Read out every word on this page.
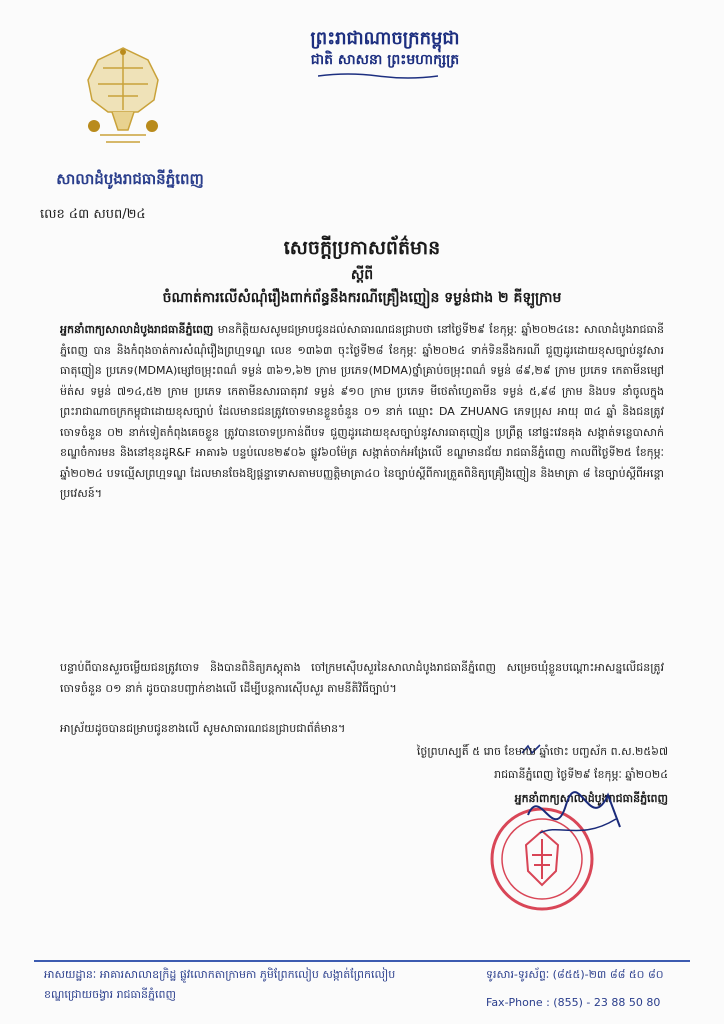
សាលាដំបូងរាជធានីភ្នំពេញ
លេខ ៤៣ សបព/២៤
ព្រះរាជាណាចក្រកម្ពុជា
ជាតិ សាសនា ព្រះមហាក្សត្រ
សេចក្តីប្រកាសព័ត៌មាន
ស្តីពី
ចំណាត់ការលើសំណុំរឿងពាក់ព័ន្ធនឹងករណីគ្រឿងញៀន ទម្ងន់ជាង ២ គីឡូក្រាម
អ្នកនាំពាក្យសាលាដំបូងរាជធានីភ្នំពេញ មានកិត្តិយសសូមជម្រាបជូនដល់សាធារណជនជ្រាបថា នៅថ្ងៃទី២៩ ខែកុម្ភៈ ឆ្នាំ២០២៤នេះ សាលាដំបូងរាជធានីភ្នំពេញ បាន និងកំពុងចាត់ការសំណុំរឿងព្រហ្មទណ្ឌ លេខ ១៣៦៣ ចុះថ្ងៃទី២៨ ខែកុម្ភៈ ឆ្នាំ២០២៤ ទាក់ទិននឹងករណី ជួញដូរដោយខុសច្បាប់នូវសារធាតុញៀន ប្រភេទ(MDMA)ម្សៅចម្រុះពណ៌ ទម្ងន់ ៣៦១,៦២ ក្រាម ប្រភេទ(MDMA)ថ្នាំគ្រាប់ចម្រុះពណ៌ ទម្ងន់ ៨៩,២៩ ក្រាម ប្រភេទ កេតាមីនម្សៅម៉ត់ស ទម្ងន់ ៧១៤,៥២ ក្រាម ប្រភេទ កេតាមីនសារធាតុរាវ ទម្ងន់ ៩១០ ក្រាម ប្រភេទ មីថេតាំហ្វេតាមីន ទម្ងន់ ៥,៩៨ ក្រាម និងបទ នាំចូលក្នុងព្រះរាជាណាចក្រកម្ពុជាដោយខុសច្បាប់ ដែលមានជនត្រូវចោទមានខ្លួនចំនួន ០១ នាក់ ឈ្មោះ DA ZHUANG ភេទប្រុស អាយុ ៣៤ ឆ្នាំ និងជនត្រូវចោទចំនួន ០២ នាក់ទៀតកំពុងគេចខ្លួន ត្រូវបានចោទប្រកាន់ពីបទ ជួញដូរដោយខុសច្បាប់នូវសារធាតុញៀន ប្រព្រឹត្ត នៅផ្ទះវេនគុង សង្កាត់ទន្លេបាសាក់ ខណ្ឌចំការមន និងនៅខុនដូR&F អាគារ៦ បន្ទប់លេខ២៩០៦ ផ្លូវ៦០ម៉ែត្រ សង្កាត់ចាក់អង្រែលើ ខណ្ឌមានជ័យ រាជធានីភ្នំពេញ កាលពីថ្ងៃទី២៥ ខែកុម្ភៈ ឆ្នាំ២០២៤ បទល្មើសព្រហ្មទណ្ឌ ដែលមានចែងឱ្យផ្តន្ទាទោសតាមបញ្ញត្តិមាត្រា៤០ នៃច្បាប់ស្តីពីការត្រួតពិនិត្យគ្រឿងញៀន និងមាត្រា ៨ នៃច្បាប់ស្តីពីអន្តោប្រវេសន៍។
បន្ទាប់ពីបានសួរចម្លើយជនត្រូវចោទ និងបានពិនិត្យភស្តុតាង ចៅក្រមស៊ើបសួរនៃសាលាដំបូងរាជធានីភ្នំពេញ សម្រេចឃុំខ្លួនបណ្តោះអាសន្នលើជនត្រូវចោទចំនួន ០១ នាក់ ដូចបានបញ្ជាក់ខាងលើ ដើម្បីបន្តការស៊ើបសួរ តាមនីតិវិធីច្បាប់។
អាស្រ័យដូចបានជម្រាបជូនខាងលើ សូមសាធារណជនជ្រាបជាព័ត៌មាន។
ថ្ងៃព្រហស្បតិ៍ ៥ រោច ខែមាឃ ឆ្នាំថោះ បញ្ចស័ក ព.ស.២៥៦៧
រាជធានីភ្នំពេញ ថ្ងៃទី២៩ ខែកុម្ភៈ ឆ្នាំ២០២៤
អ្នកនាំពាក្យសាលាដំបូងរាជធានីភ្នំពេញ
អាសយដ្ឋានៈ អាគារសាលាឧក្រិដ្ឋ ផ្លូវលោកតាក្រាមកា ភូមិព្រែកលៀប សង្កាត់ព្រែកលៀប
ខណ្ឌជ្រោយចង្វារ រាជធានីភ្នំពេញ
ទូរសារ-ទូរស័ព្ទៈ (៨៥៥)-២៣ ៨៨ ៥០ ៨០
Fax-Phone : (855) - 23 88 50 80
